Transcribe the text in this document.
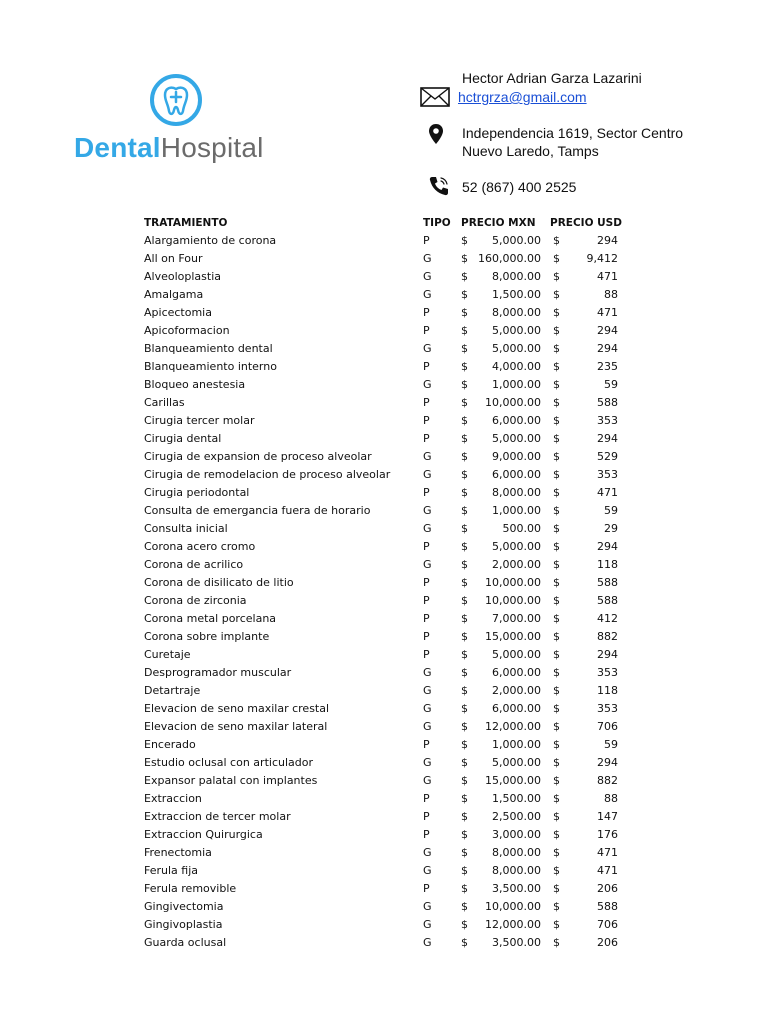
DentalHospital
Hector Adrian Garza Lazarini
hctrgrza@gmail.com
Independencia 1619, Sector Centro
Nuevo Laredo, Tamps
52 (867) 400 2525
TRATAMIENTO	TIPO PRECIO MXN PRECIO USD
Alargamiento de corona	P	$ 5,000.00 $	294
All on Four	G	$ 160,000.00 $ 9,412
Alveoloplastia	G	$ 8,000.00 $	471
Amalgama	G	$ 1,500.00 $	88
Apicectomia	P	$ 8,000.00 $	471
Apicoformacion	P	$ 5,000.00 $	294
Blanqueamiento dental	G	$ 5,000.00 $	294
Blanqueamiento interno	P	$ 4,000.00 $	235
Bloqueo anestesia	G	$ 1,000.00 $	59
Carillas	P	$ 10,000.00 $	588
Cirugia tercer molar	P	$ 6,000.00 $	353
Cirugia dental	P	$ 5,000.00 $	294
Cirugia de expansion de proceso alveolar	G	$ 9,000.00 $	529
Cirugia de remodelacion de proceso alveolar	G	$ 6,000.00 $	353
Cirugia periodontal	P	$ 8,000.00 $	471
Consulta de emergancia fuera de horario	G	$ 1,000.00 $	59
Consulta inicial	G	$	500.00 $	29
Corona acero cromo	P	$ 5,000.00 $	294
Corona de acrilico	G	$ 2,000.00 $	118
Corona de disilicato de litio	P	$ 10,000.00 $	588
Corona de zirconia	P	$ 10,000.00 $	588
Corona metal porcelana	P	$ 7,000.00 $	412
Corona sobre implante	P	$ 15,000.00 $	882
Curetaje	P	$ 5,000.00 $	294
Desprogramador muscular	G	$ 6,000.00 $	353
Detartraje	G	$ 2,000.00 $	118
Elevacion de seno maxilar crestal	G	$ 6,000.00 $	353
Elevacion de seno maxilar lateral	G	$ 12,000.00 $	706
Encerado	P	$ 1,000.00 $	59
Estudio oclusal con articulador	G	$ 5,000.00 $	294
Expansor palatal con implantes	G	$ 15,000.00 $	882
Extraccion	P	$ 1,500.00 $	88
Extraccion de tercer molar	P	$ 2,500.00 $	147
Extraccion Quirurgica	P	$ 3,000.00 $	176
Frenectomia	G	$ 8,000.00 $	471
Ferula fija	G	$ 8,000.00 $	471
Ferula removible	P	$ 3,500.00 $	206
Gingivectomia	G	$ 10,000.00 $	588
Gingivoplastia	G	$ 12,000.00 $	706
Guarda oclusal	G	$ 3,500.00 $	206
